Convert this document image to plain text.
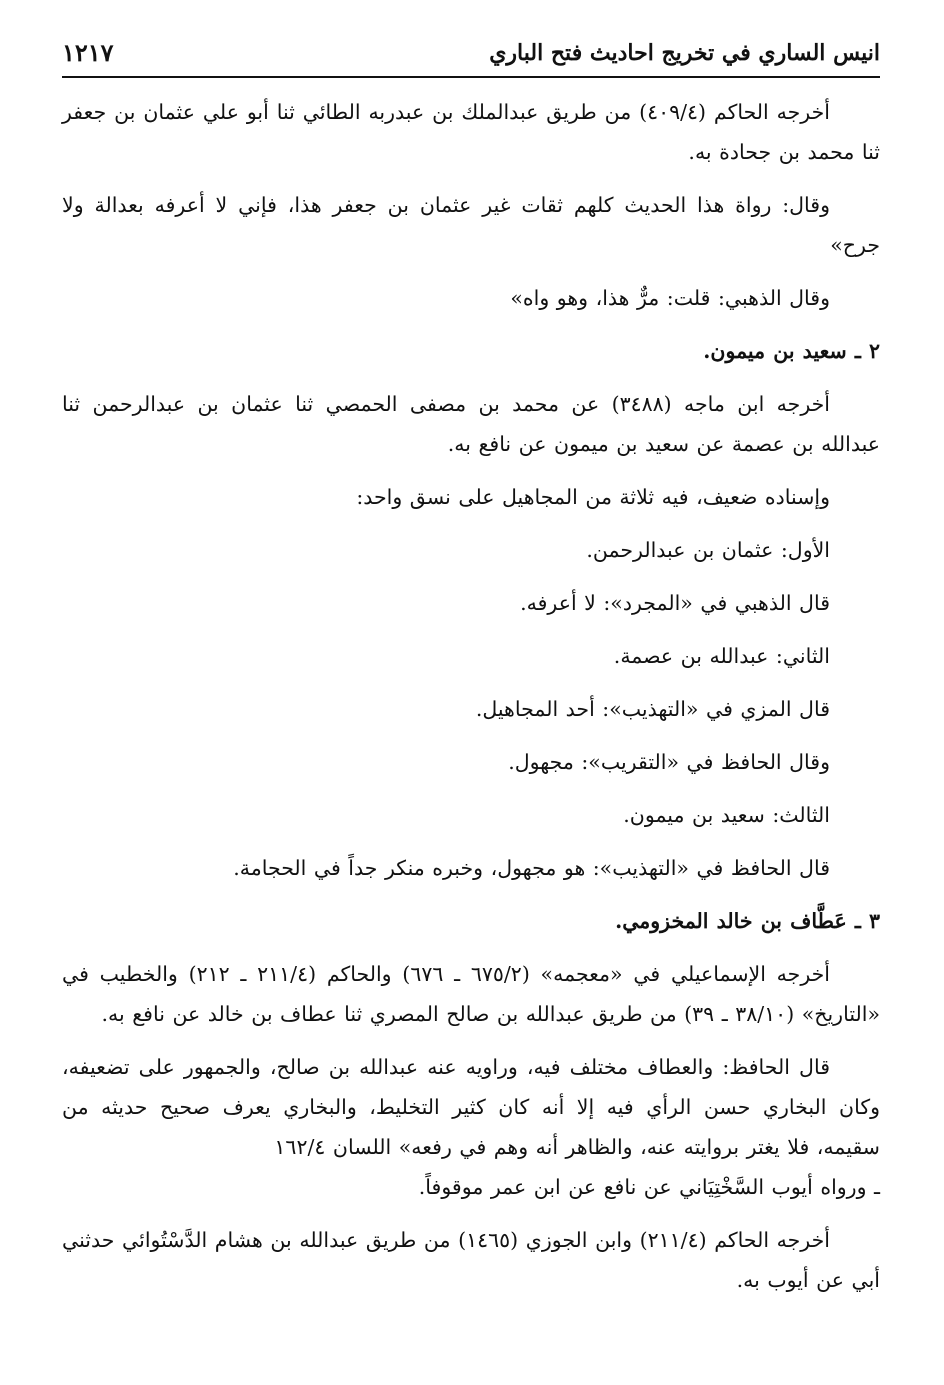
انيس الساري في تخريج احاديث فتح الباري
١٢١٧

أخرجه الحاكم (٤٠٩/٤) من طريق عبدالملك بن عبدربه الطائي ثنا أبو علي عثمان بن جعفر ثنا محمد بن جحادة به.

وقال: رواة هذا الحديث كلهم ثقات غير عثمان بن جعفر هذا، فإني لا أعرفه بعدالة ولا جرح»

وقال الذهبي: قلت: مرٌّ هذا، وهو واه»

٢ ـ سعيد بن ميمون.

أخرجه ابن ماجه (٣٤٨٨) عن محمد بن مصفى الحمصي ثنا عثمان بن عبدالرحمن ثنا عبدالله بن عصمة عن سعيد بن ميمون عن نافع به.

وإسناده ضعيف، فيه ثلاثة من المجاهيل على نسق واحد:

الأول: عثمان بن عبدالرحمن.

قال الذهبي في «المجرد»: لا أعرفه.

الثاني: عبدالله بن عصمة.

قال المزي في «التهذيب»: أحد المجاهيل.

وقال الحافظ في «التقريب»: مجهول.

الثالث: سعيد بن ميمون.

قال الحافظ في «التهذيب»: هو مجهول، وخبره منكر جداً في الحجامة.

٣ ـ عَطَّاف بن خالد المخزومي.

أخرجه الإسماعيلي في «معجمه» (٦٧٥/٢ ـ ٦٧٦) والحاكم (٢١١/٤ ـ ٢١٢) والخطيب في «التاريخ» (٣٨/١٠ ـ ٣٩) من طريق عبدالله بن صالح المصري ثنا عطاف بن خالد عن نافع به.

قال الحافظ: والعطاف مختلف فيه، وراويه عنه عبدالله بن صالح، والجمهور على تضعيفه، وكان البخاري حسن الرأي فيه إلا أنه كان كثير التخليط، والبخاري يعرف صحيح حديثه من سقيمه، فلا يغتر بروايته عنه، والظاهر أنه وهم في رفعه» اللسان ١٦٢/٤

ـ ورواه أيوب السَّخْتِيَاني عن نافع عن ابن عمر موقوفاً.

أخرجه الحاكم (٢١١/٤) وابن الجوزي (١٤٦٥) من طريق عبدالله بن هشام الدَّسْتُوائي حدثني أبي عن أيوب به.
